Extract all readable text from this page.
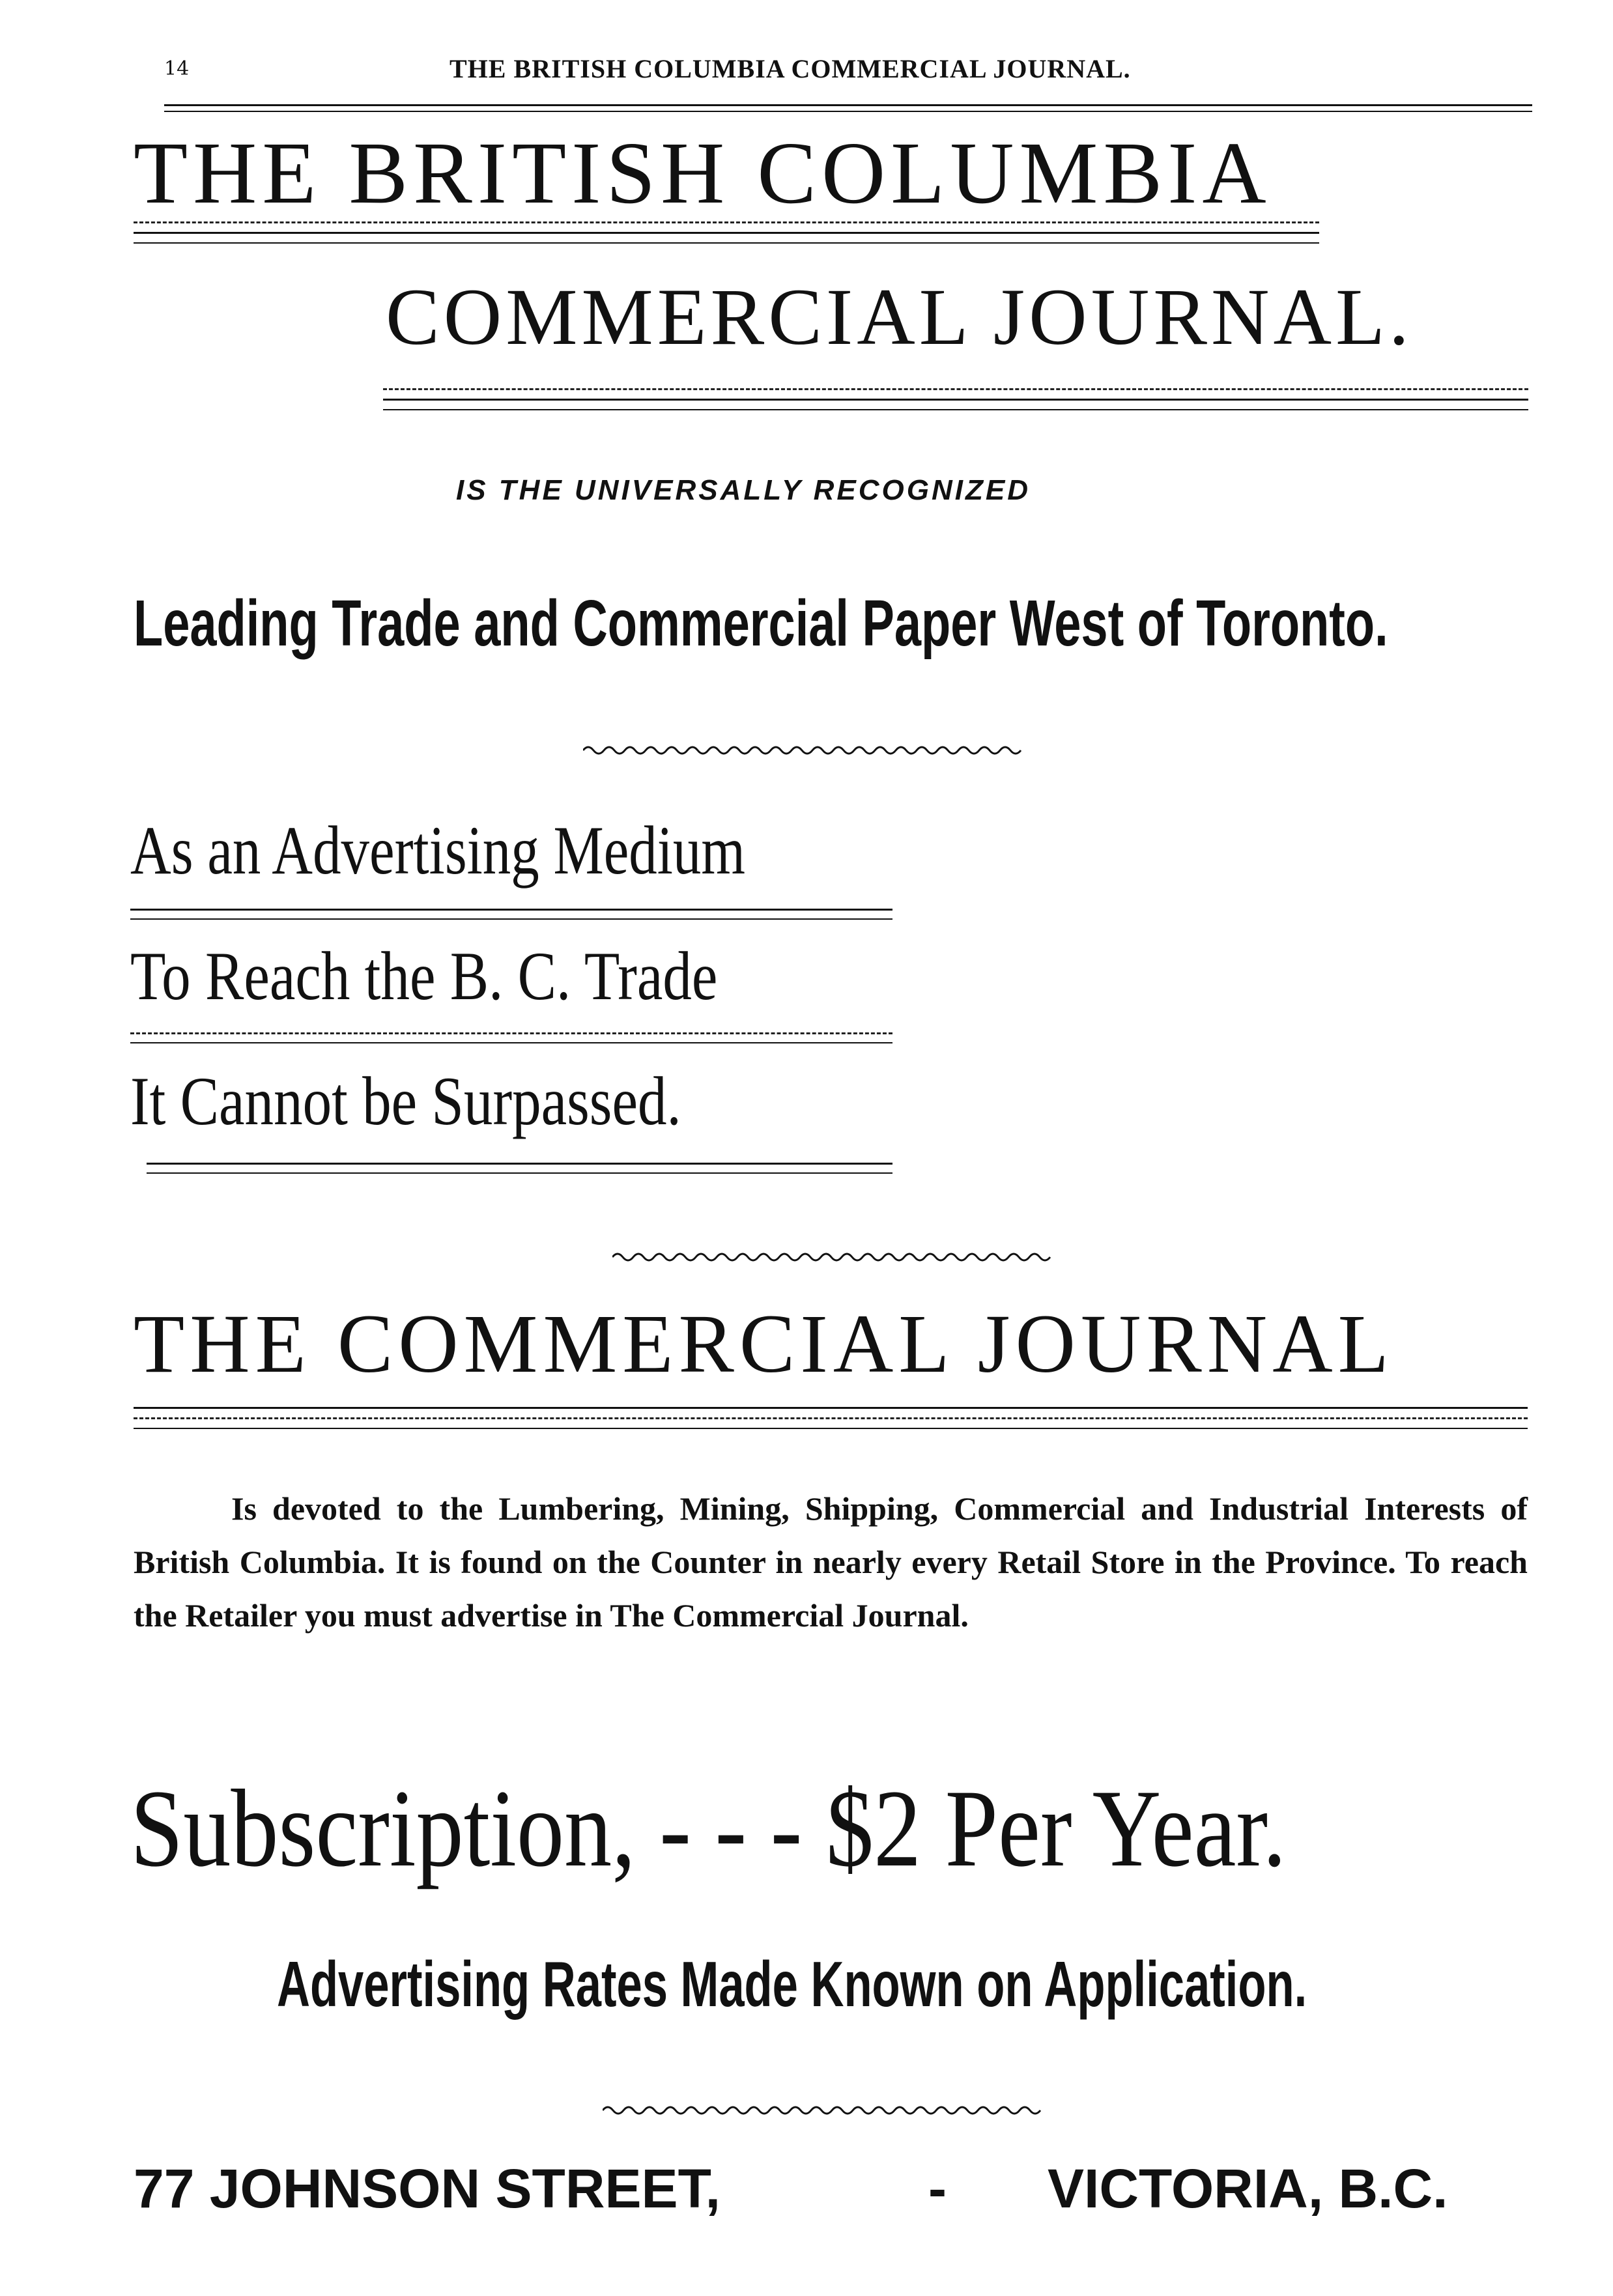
14	THE BRITISH COLUMBIA COMMERCIAL JOURNAL.
THE BRITISH COLUMBIA
COMMERCIAL JOURNAL.
IS THE UNIVERSALLY RECOGNIZED
Leading Trade and Commercial Paper West of Toronto.
As an Advertising Medium
To Reach the B. C. Trade
It Cannot be Surpassed.
THE COMMERCIAL JOURNAL
Is devoted to the Lumbering, Mining, Shipping, Commercial and Industrial Interests of British Columbia. It is found on the Counter in nearly every Retail Store in the Province. To reach the Retailer you must advertise in The Commercial Journal.
Subscription, - - - $2 Per Year.
Advertising Rates Made Known on Application.
77 JOHNSON STREET,	- VICTORIA, B.C.
